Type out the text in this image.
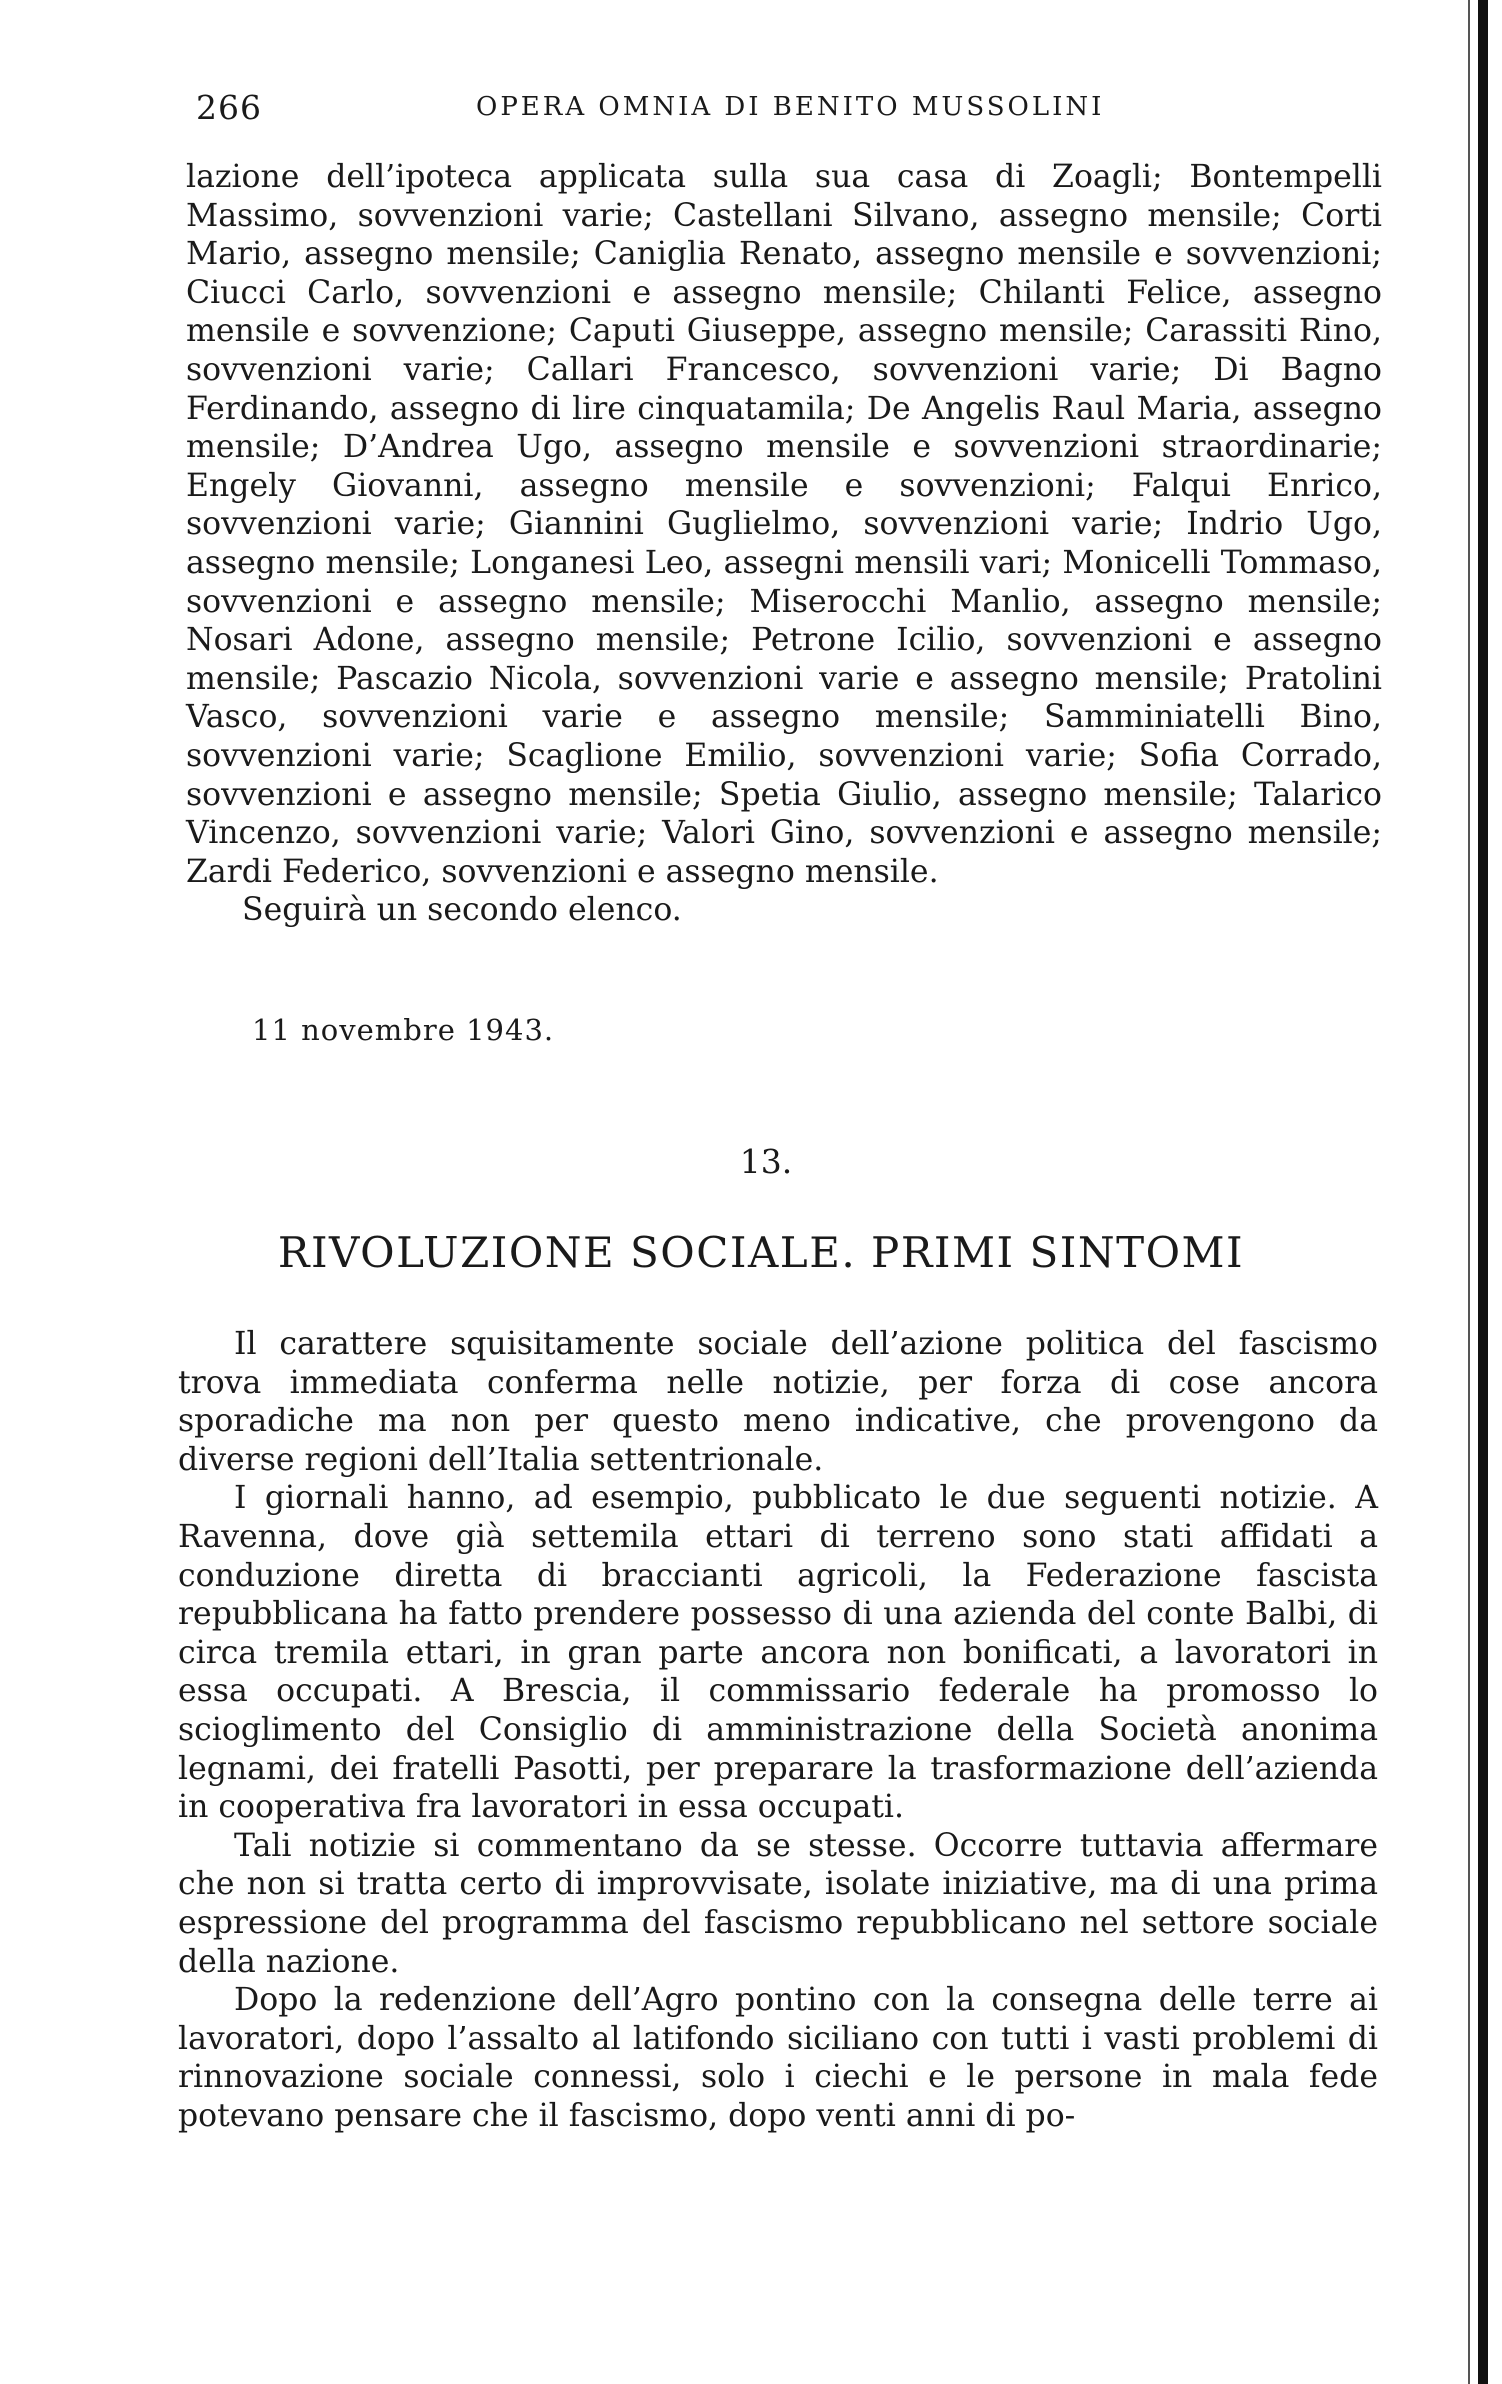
266	OPERA OMNIA DI BENITO MUSSOLINI

lazione dell’ipoteca applicata sulla sua casa di Zoagli; Bontempelli Massimo, sovvenzioni varie; Castellani Silvano, assegno mensile; Corti Mario, assegno mensile; Caniglia Renato, assegno mensile e sovvenzioni; Ciucci Carlo, sovvenzioni e assegno mensile; Chilanti Felice, assegno mensile e sovvenzione; Caputi Giuseppe, assegno mensile; Carassiti Rino, sovvenzioni varie; Callari Francesco, sovvenzioni varie; Di Bagno Ferdinando, assegno di lire cinquatamila; De Angelis Raul Maria, assegno mensile; D’Andrea Ugo, assegno mensile e sovvenzioni straordinarie; Engely Giovanni, assegno mensile e sovvenzioni; Falqui Enrico, sovvenzioni varie; Giannini Guglielmo, sovvenzioni varie; Indrio Ugo, assegno mensile; Longanesi Leo, assegni mensili vari; Monicelli Tommaso, sovvenzioni e assegno mensile; Miserocchi Manlio, assegno mensile; Nosari Adone, assegno mensile; Petrone Icilio, sovvenzioni e assegno mensile; Pascazio Nicola, sovvenzioni varie e assegno mensile; Pratolini Vasco, sovvenzioni varie e assegno mensile; Samminiatelli Bino, sovvenzioni varie; Scaglione Emilio, sovvenzioni varie; Sofia Corrado, sovvenzioni e assegno mensile; Spetia Giulio, assegno mensile; Talarico Vincenzo, sovvenzioni varie; Valori Gino, sovvenzioni e assegno mensile; Zardi Federico, sovvenzioni e assegno mensile.

Seguirà un secondo elenco.

11 novembre 1943.
13.
RIVOLUZIONE SOCIALE. PRIMI SINTOMI

Il carattere squisitamente sociale dell’azione politica del fascismo trova immediata conferma nelle notizie, per forza di cose ancora sporadiche ma non per questo meno indicative, che provengono da diverse regioni dell’Italia settentrionale.

I giornali hanno, ad esempio, pubblicato le due seguenti notizie. A Ravenna, dove già settemila ettari di terreno sono stati affidati a conduzione diretta di braccianti agricoli, la Federazione fascista repubblicana ha fatto prendere possesso di una azienda del conte Balbi, di circa tremila ettari, in gran parte ancora non bonificati, a lavoratori in essa occupati. A Brescia, il commissario federale ha promosso lo scioglimento del Consiglio di amministrazione della Società anonima legnami, dei fratelli Pasotti, per preparare la trasformazione dell’azienda in cooperativa fra lavoratori in essa occupati.

Tali notizie si commentano da se stesse. Occorre tuttavia affermare che non si tratta certo di improvvisate, isolate iniziative, ma di una prima espressione del programma del fascismo repubblicano nel settore sociale della nazione.

Dopo la redenzione dell’Agro pontino con la consegna delle terre ai lavoratori, dopo l’assalto al latifondo siciliano con tutti i vasti problemi di rinnovazione sociale connessi, solo i ciechi e le persone in mala fede potevano pensare che il fascismo, dopo venti anni di po-
